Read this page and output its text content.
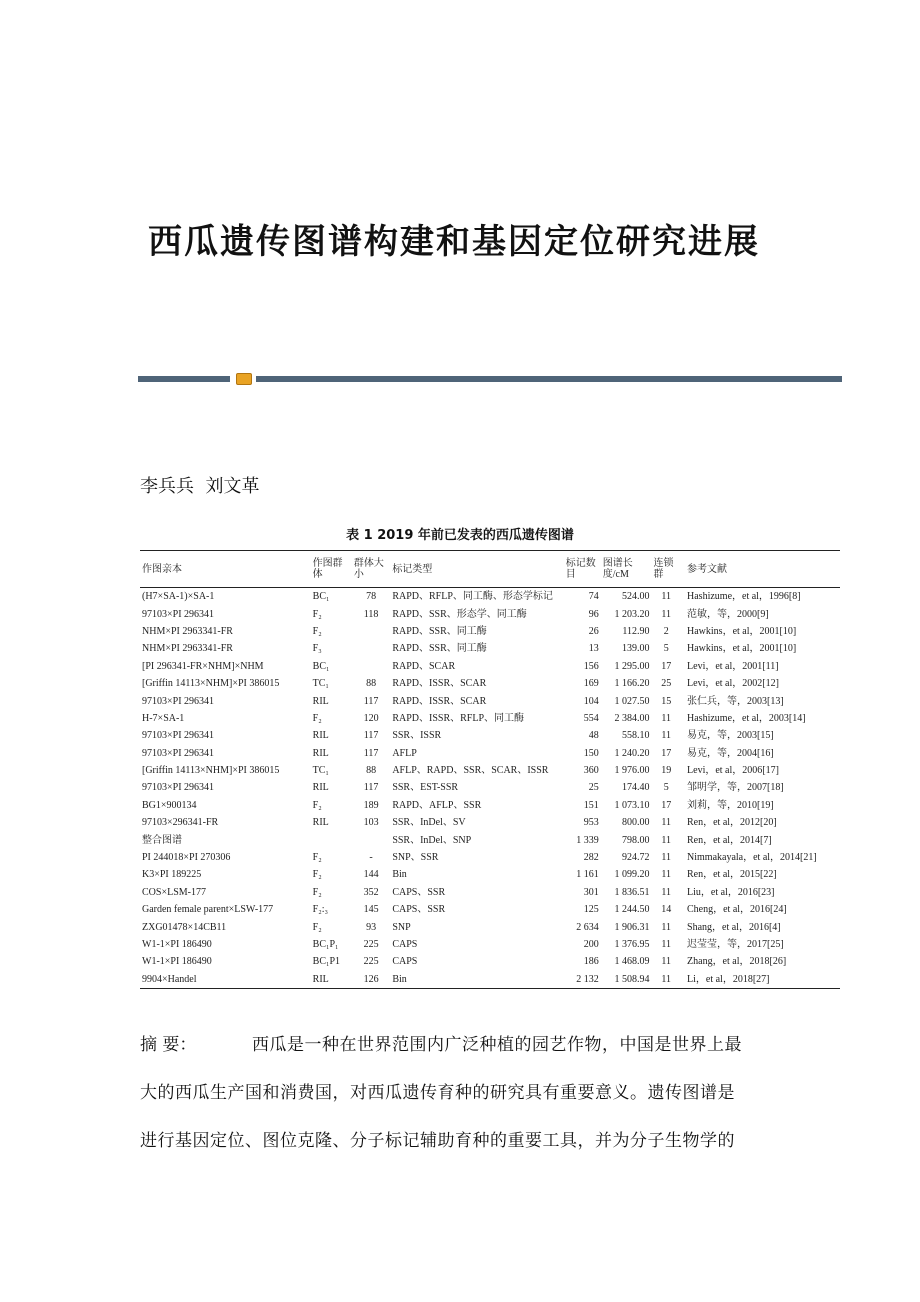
西瓜遗传图谱构建和基因定位研究进展
李兵兵  刘文革
表 1 2019 年前已发表的西瓜遗传图谱
作图亲本	作图群体	群体大小	标记类型	标记数目	图谱长度/cM	连锁群	参考文献
(H7×SA-1)×SA-1	BC₁	78	RAPD、RFLP、同工酶、形态学标记	74	524.00	11	Hashizume，et al，1996[8]
97103×PI 296341	F₂	118	RAPD、SSR、形态学、同工酶	96	1 203.20	11	范敏，等，2000[9]
NHM×PI 2963341-FR	F₂		RAPD、SSR、同工酶	26	112.90	2	Hawkins，et al，2001[10]
NHM×PI 2963341-FR	F₃		RAPD、SSR、同工酶	13	139.00	5	Hawkins，et al，2001[10]
[PI 296341-FR×NHM]×NHM	BC₁		RAPD、SCAR	156	1 295.00	17	Levi，et al，2001[11]
[Griffin 14113×NHM]×PI 386015	TC₁	88	RAPD、ISSR、SCAR	169	1 166.20	25	Levi，et al，2002[12]
97103×PI 296341	RIL	117	RAPD、ISSR、SCAR	104	1 027.50	15	张仁兵，等，2003[13]
H-7×SA-1	F₂	120	RAPD、ISSR、RFLP、同工酶	554	2 384.00	11	Hashizume，et al，2003[14]
97103×PI 296341	RIL	117	SSR、ISSR	48	558.10	11	易克，等，2003[15]
97103×PI 296341	RIL	117	AFLP	150	1 240.20	17	易克，等，2004[16]
[Griffin 14113×NHM]×PI 386015	TC₁	88	AFLP、RAPD、SSR、SCAR、ISSR	360	1 976.00	19	Levi，et al，2006[17]
97103×PI 296341	RIL	117	SSR、EST-SSR	25	174.40	5	邹明学，等，2007[18]
BG1×900134	F₂	189	RAPD、AFLP、SSR	151	1 073.10	17	刘莉，等，2010[19]
97103×296341-FR	RIL	103	SSR、InDel、SV	953	800.00	11	Ren，et al，2012[20]
整合图谱			SSR、InDel、SNP	1 339	798.00	11	Ren，et al，2014[7]
PI 244018×PI 270306	F₂	-	SNP、SSR	282	924.72	11	Nimmakayala，et al，2014[21]
K3×PI 189225	F₂	144	Bin	1 161	1 099.20	11	Ren，et al，2015[22]
COS×LSM-177	F₂	352	CAPS、SSR	301	1 836.51	11	Liu，et al，2016[23]
Garden female parent×LSW-177	F₂:₃	145	CAPS、SSR	125	1 244.50	14	Cheng，et al，2016[24]
ZXG01478×14CB11	F₂	93	SNP	2 634	1 906.31	11	Shang，et al，2016[4]
W1-1×PI 186490	BC₁P₁	225	CAPS	200	1 376.95	11	迟莹莹，等，2017[25]
W1-1×PI 186490	BC₁P1	225	CAPS	186	1 468.09	11	Zhang，et al，2018[26]
9904×Handel	RIL	126	Bin	2 132	1 508.94	11	Li，et al，2018[27]
摘 要：	西瓜是一种在世界范围内广泛种植的园艺作物，中国是世界上最
大的西瓜生产国和消费国，对西瓜遗传育种的研究具有重要意义。遗传图谱是
进行基因定位、图位克隆、分子标记辅助育种的重要工具，并为分子生物学的
